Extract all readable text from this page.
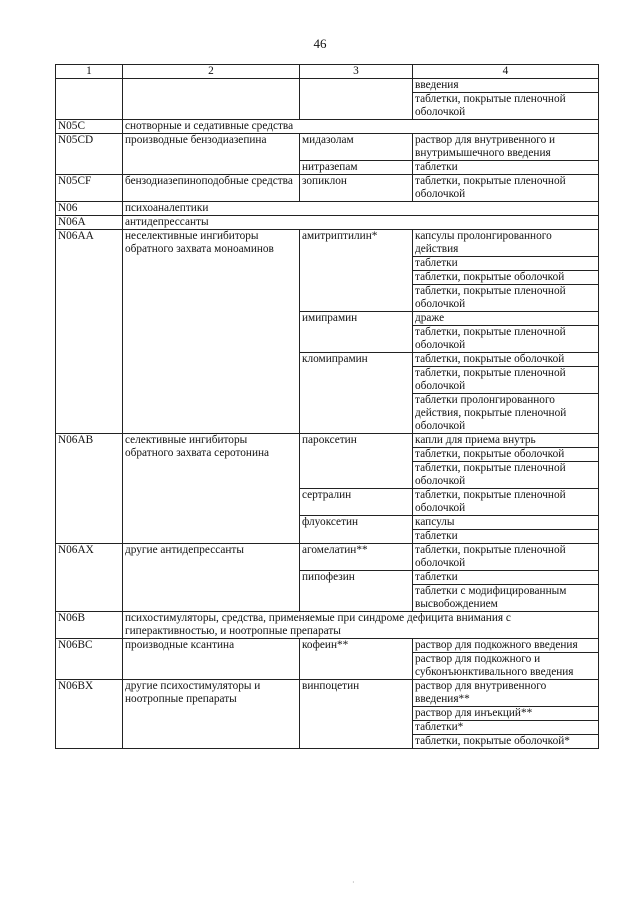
46
1	2	3	4
			введения
			таблетки, покрытые пленочной оболочкой
N05C	снотворные и седативные средства		
N05CD	производные бензодиазепина	мидазолам	раствор для внутривенного и внутримышечного введения
		нитразепам	таблетки
N05CF	бензодиазепиноподобные средства	зопиклон	таблетки, покрытые пленочной оболочкой
N06	психоаналептики		
N06A	антидепрессанты		
N06AA	неселективные ингибиторы обратного захвата моноаминов	амитриптилин*	капсулы пролонгированного действия
			таблетки
			таблетки, покрытые оболочкой
			таблетки, покрытые пленочной оболочкой
		имипрамин	драже
			таблетки, покрытые пленочной оболочкой
		кломипрамин	таблетки, покрытые оболочкой
			таблетки, покрытые пленочной оболочкой
			таблетки пролонгированного действия, покрытые пленочной оболочкой
N06AB	селективные ингибиторы обратного захвата серотонина	пароксетин	капли для приема внутрь
			таблетки, покрытые оболочкой
			таблетки, покрытые пленочной оболочкой
		сертралин	таблетки, покрытые пленочной оболочкой
		флуоксетин	капсулы
			таблетки
N06AX	другие антидепрессанты	агомелатин**	таблетки, покрытые пленочной оболочкой
		пипофезин	таблетки
			таблетки с модифицированным высвобождением
N06B	психостимуляторы, средства, применяемые при синдроме дефицита внимания с гиперактивностью, и ноотропные препараты		
N06BC	производные ксантина	кофеин**	раствор для подкожного введения
			раствор для подкожного и субконъюнктивального введения
N06BX	другие психостимуляторы и ноотропные препараты	винпоцетин	раствор для внутривенного введения**
			раствор для инъекций**
			таблетки*
			таблетки, покрытые оболочкой*
·
